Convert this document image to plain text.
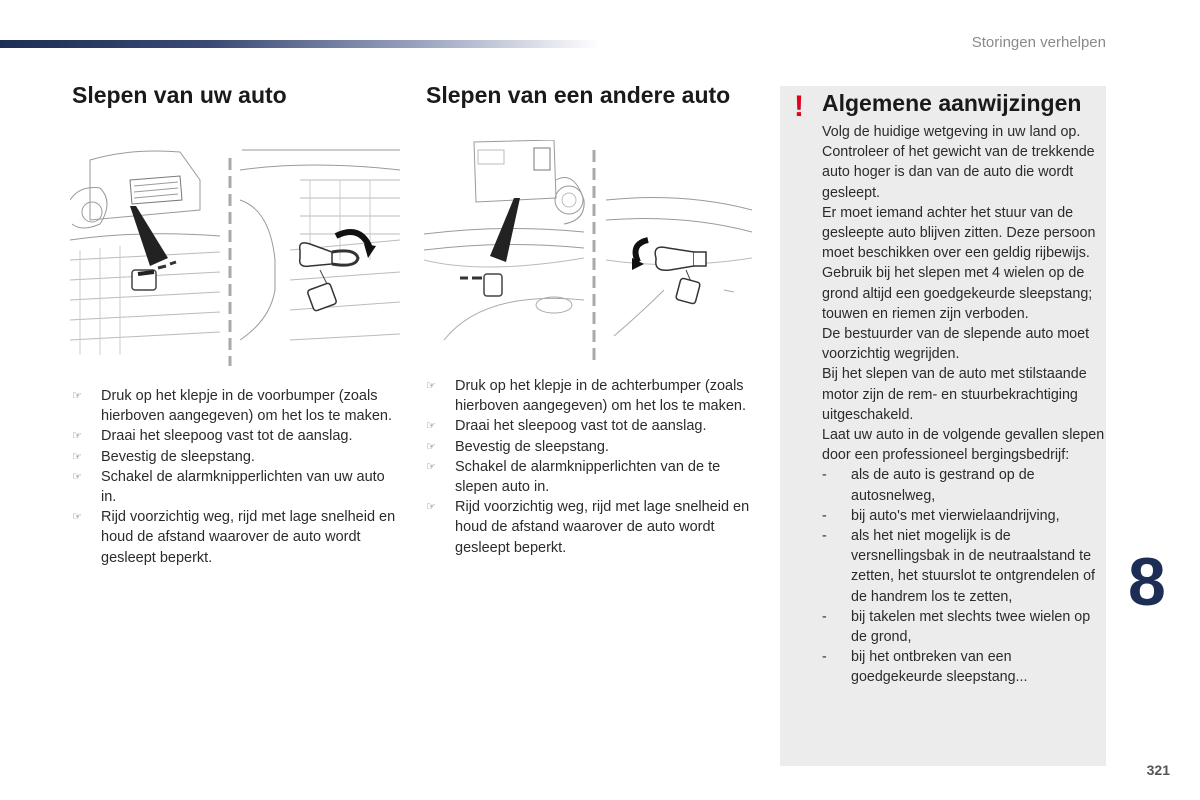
Storingen verhelpen
Slepen van uw auto
☞ Druk op het klepje in de voorbumper (zoals hierboven aangegeven) om het los te maken.
☞ Draai het sleepoog vast tot de aanslag.
☞ Bevestig de sleepstang.
☞ Schakel de alarmknipperlichten van uw auto in.
☞ Rijd voorzichtig weg, rijd met lage snelheid en houd de afstand waarover de auto wordt gesleept beperkt.
Slepen van een andere auto
☞ Druk op het klepje in de achterbumper (zoals hierboven aangegeven) om het los te maken.
☞ Draai het sleepoog vast tot de aanslag.
☞ Bevestig de sleepstang.
☞ Schakel de alarmknipperlichten van de te slepen auto in.
☞ Rijd voorzichtig weg, rijd met lage snelheid en houd de afstand waarover de auto wordt gesleept beperkt.
! Algemene aanwijzingen

Volg de huidige wetgeving in uw land op.

Controleer of het gewicht van de trekkende auto hoger is dan van de auto die wordt gesleept.

Er moet iemand achter het stuur van de gesleepte auto blijven zitten. Deze persoon moet beschikken over een geldig rijbewijs.

Gebruik bij het slepen met 4 wielen op de grond altijd een goedgekeurde sleepstang; touwen en riemen zijn verboden.

De bestuurder van de slepende auto moet voorzichtig wegrijden.

Bij het slepen van de auto met stilstaande motor zijn de rem- en stuurbekrachtiging uitgeschakeld.

Laat uw auto in de volgende gevallen slepen door een professioneel bergingsbedrijf:

- als de auto is gestrand op de autosnelweg,
- bij auto's met vierwielaandrijving,
- als het niet mogelijk is de versnellingsbak in de neutraalstand te zetten, het stuurslot te ontgrendelen of de handrem los te zetten,
- bij takelen met slechts twee wielen op de grond,
- bij het ontbreken van een goedgekeurde sleepstang...
8
321
